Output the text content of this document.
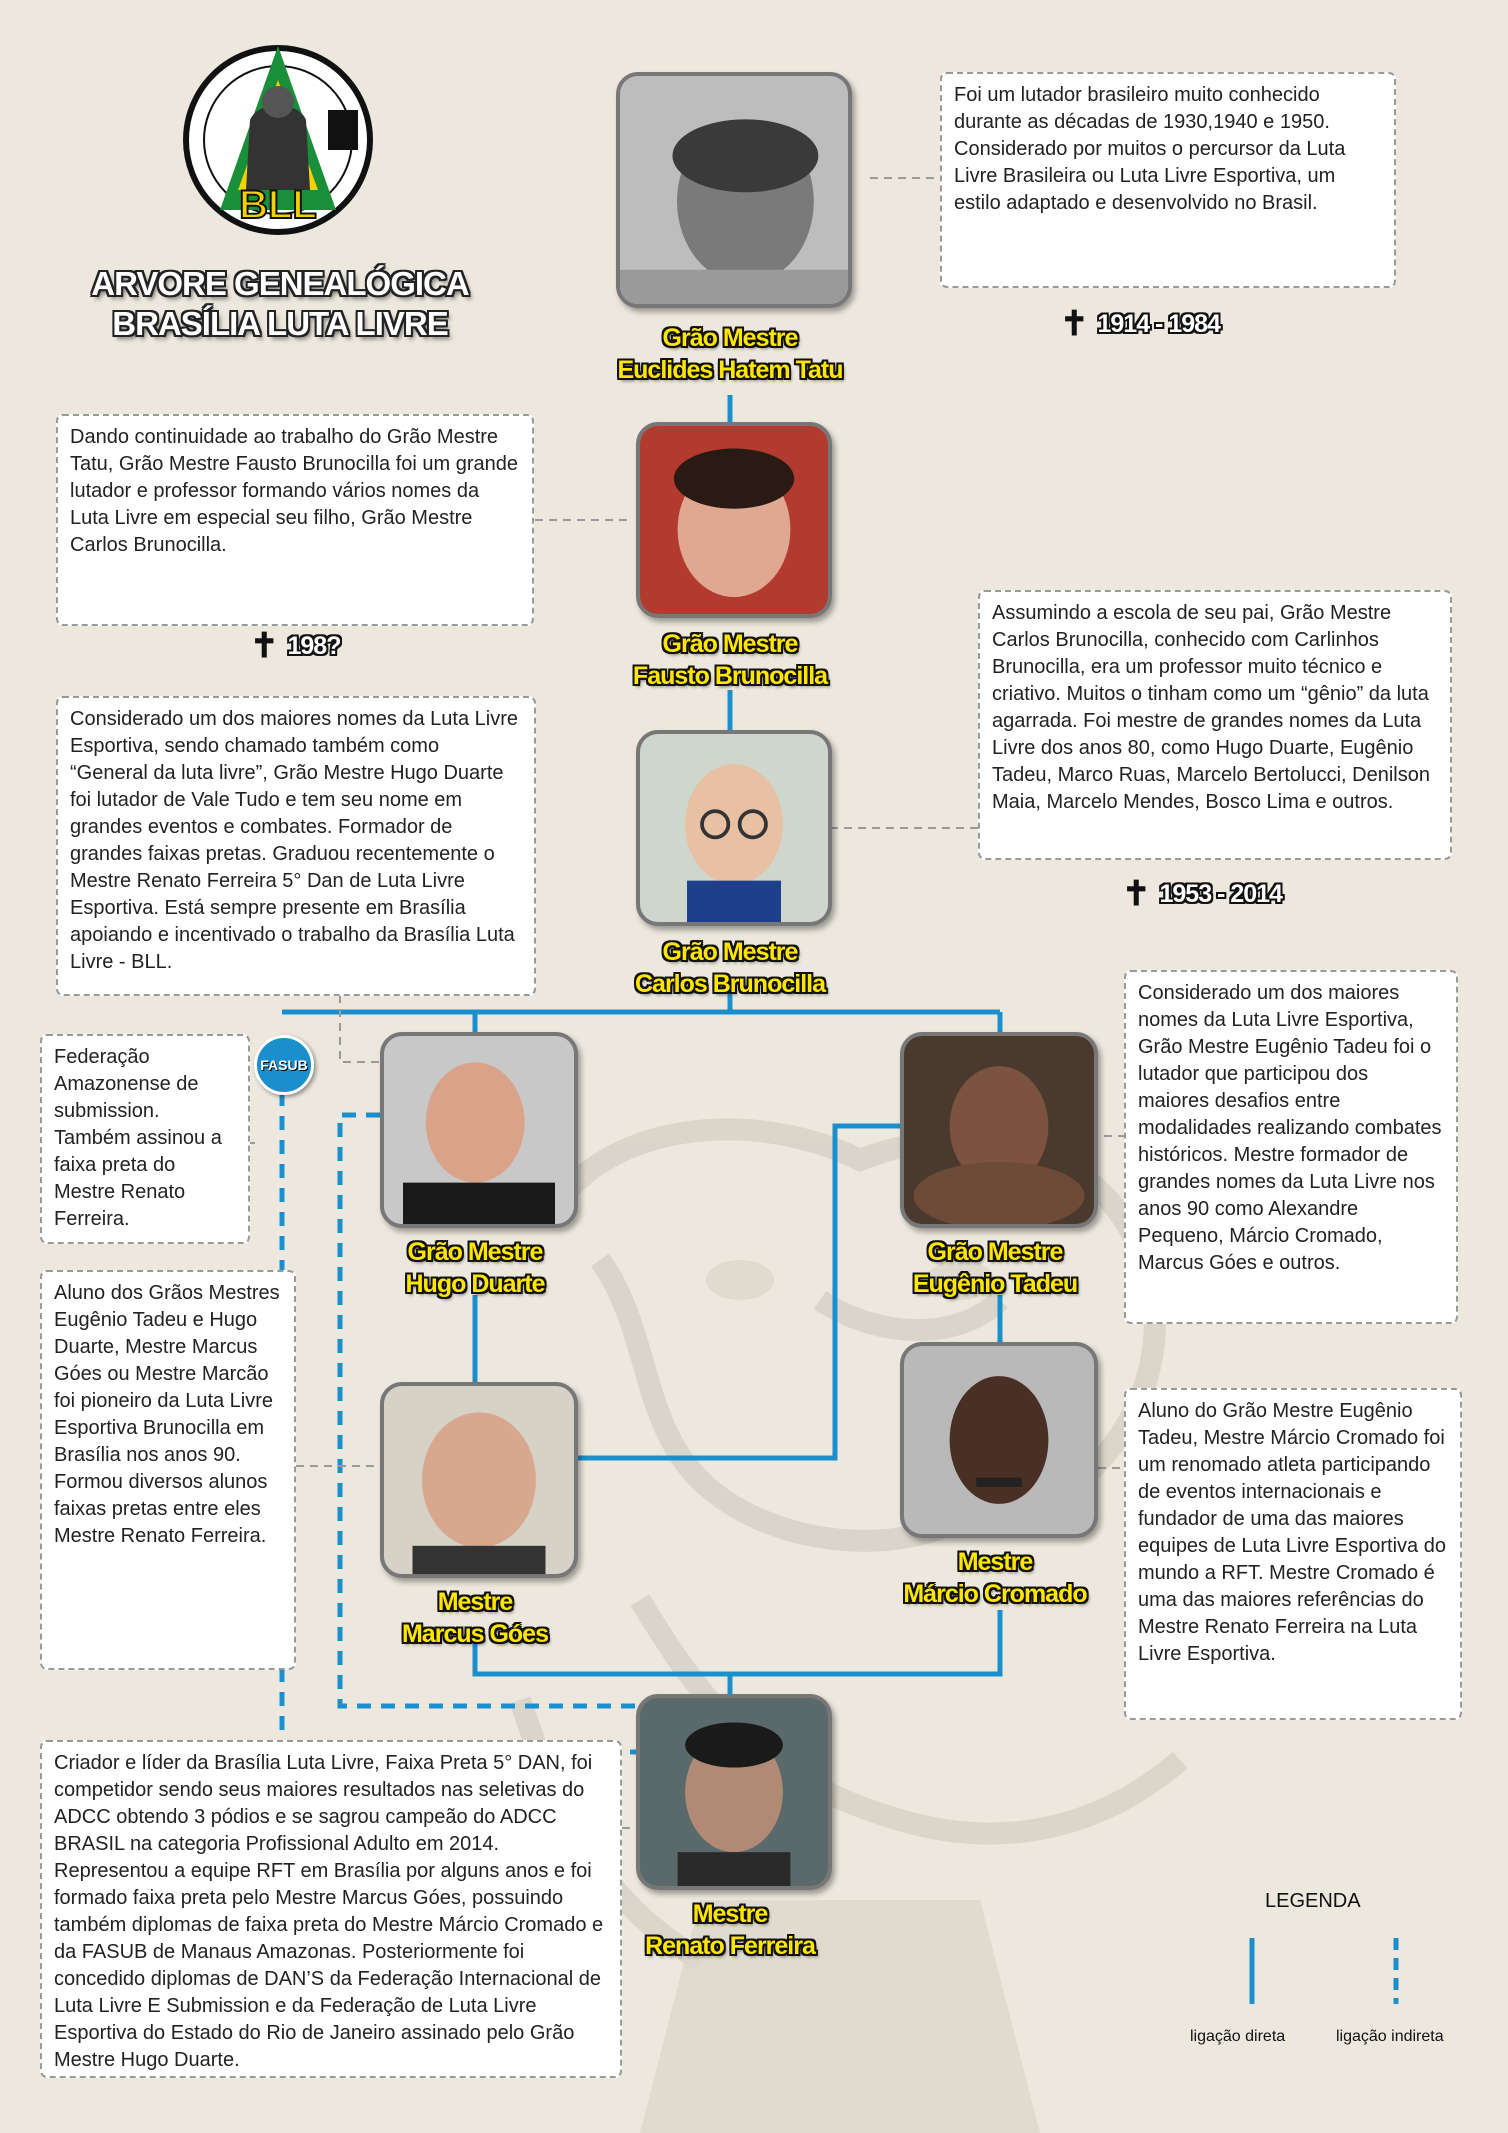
BLL
ARVORE GENEALÓGICA
BRASÍLIA LUTA LIVRE	Grão Mestre
Euclides Hatem Tatu
Grão Mestre
Fausto Brunocilla
Grão Mestre
Carlos Brunocilla
Grão Mestre
Hugo Duarte
Grão Mestre
Eugênio Tadeu
Mestre
Marcus Góes
Mestre
Márcio Cromado
Mestre
Renato Ferreira
✝ 1914 - 1984
✝ 198?
✝ 1953 - 2014
Foi um lutador brasileiro muito conhecido durante as décadas de 1930,1940 e 1950. Considerado por muitos o percursor da Luta Livre Brasileira ou Luta Livre Esportiva, um estilo adaptado e desenvolvido no Brasil.
Dando continuidade ao trabalho do Grão Mestre Tatu, Grão Mestre Fausto Brunocilla foi um grande lutador e professor formando vários nomes da Luta Livre em especial seu filho, Grão Mestre Carlos Brunocilla.
Assumindo a escola de seu pai, Grão Mestre Carlos Brunocilla, conhecido com Carlinhos Brunocilla, era um professor muito técnico e criativo. Muitos o tinham como um “gênio” da luta agarrada. Foi mestre de grandes nomes da Luta Livre dos anos 80, como Hugo Duarte, Eugênio Tadeu, Marco Ruas, Marcelo Bertolucci, Denilson Maia, Marcelo Mendes, Bosco Lima e outros.
Considerado um dos maiores nomes da Luta Livre Esportiva, sendo chamado também como “General da luta livre”, Grão Mestre Hugo Duarte foi lutador de Vale Tudo e tem seu nome em grandes eventos e combates. Formador de grandes faixas pretas. Graduou recentemente o Mestre Renato Ferreira 5° Dan de Luta Livre Esportiva. Está sempre presente em Brasília apoiando e incentivado o trabalho da Brasília Luta Livre - BLL.
Federação Amazonense de submission. Também assinou a faixa preta do Mestre Renato Ferreira.
Considerado um dos maiores nomes da Luta Livre Esportiva, Grão Mestre Eugênio Tadeu foi o lutador que participou dos maiores desafios entre modalidades realizando combates históricos. Mestre formador de grandes nomes da Luta Livre nos anos 90 como Alexandre Pequeno, Márcio Cromado, Marcus Góes e outros.
Aluno dos Grãos Mestres Eugênio Tadeu e Hugo Duarte, Mestre Marcus Góes ou Mestre Marcão foi pioneiro da Luta Livre Esportiva Brunocilla em Brasília nos anos 90. Formou diversos alunos faixas pretas entre eles Mestre Renato Ferreira.
Aluno do Grão Mestre Eugênio Tadeu, Mestre Márcio Cromado foi um renomado atleta participando de eventos internacionais e fundador de uma das maiores equipes de Luta Livre Esportiva do mundo a RFT. Mestre Cromado é uma das maiores referências do Mestre Renato Ferreira na Luta Livre Esportiva.
Criador e líder da Brasília Luta Livre, Faixa Preta 5° DAN, foi competidor sendo seus maiores resultados nas seletivas do ADCC obtendo 3 pódios e se sagrou campeão do ADCC BRASIL na categoria Profissional Adulto em 2014. Representou a equipe RFT em Brasília por alguns anos e foi formado faixa preta pelo Mestre Marcus Góes, possuindo também diplomas de faixa preta do Mestre Márcio Cromado e da FASUB de Manaus Amazonas. Posteriormente foi concedido diplomas de DAN’S da Federação Internacional de Luta Livre E Submission e da Federação de Luta Livre Esportiva do Estado do Rio de Janeiro assinado pelo Grão Mestre Hugo Duarte.
FASUB
LEGENDA
ligação direta	ligação indireta
